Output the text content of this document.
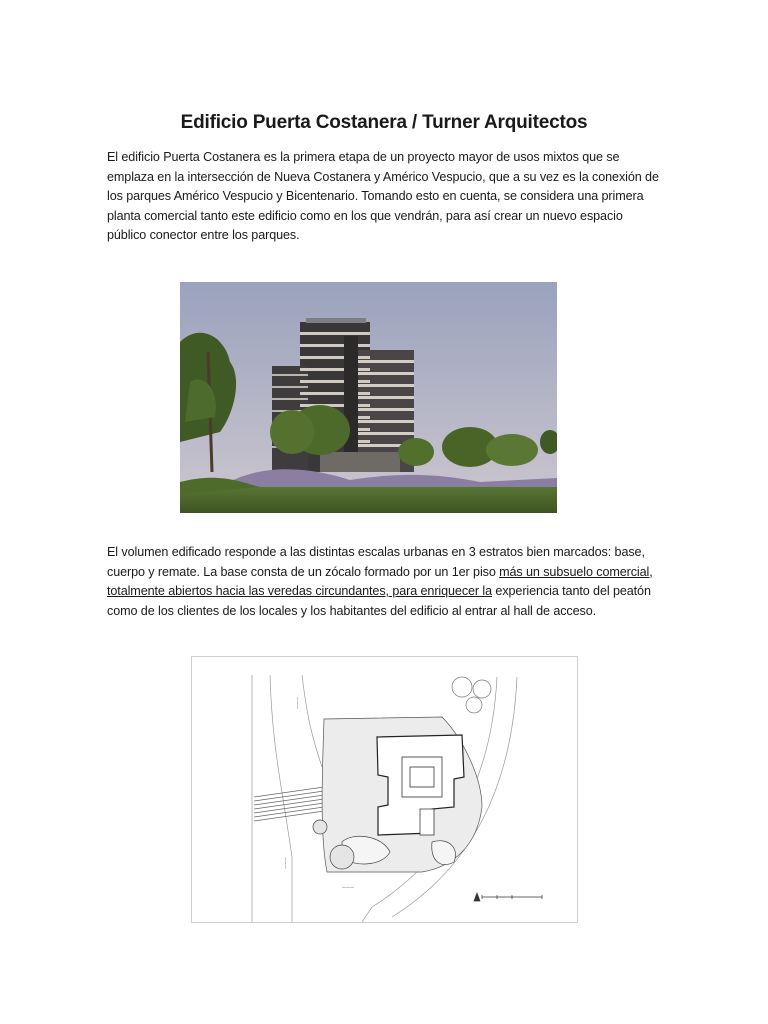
Edificio Puerta Costanera / Turner Arquitectos
El edificio Puerta Costanera es la primera etapa de un proyecto mayor de usos mixtos que se emplaza en la intersección de Nueva Costanera y Américo Vespucio, que a su vez es la conexión de los parques Américo Vespucio y Bicentenario. Tomando esto en cuenta, se considera una primera planta comercial tanto este edificio como en los que vendrán, para así crear un nuevo espacio público conector entre los parques.
El volumen edificado responde a las distintas escalas urbanas en 3 estratos bien marcados: base, cuerpo y remate. La base consta de un zócalo formado por un 1er piso más un subsuelo comercial, totalmente abiertos hacia las veredas circundantes, para enriquecer la experiencia tanto del peatón como de los clientes de los locales y los habitantes del edificio al entrar al hall de acceso.
———
———
———
